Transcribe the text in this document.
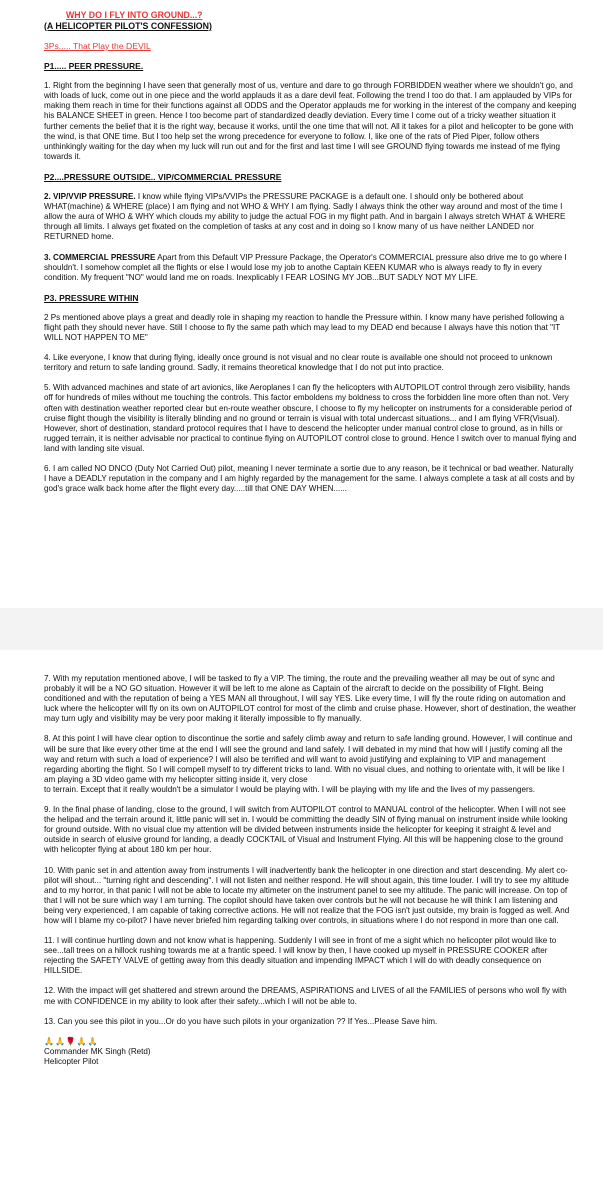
WHY DO I FLY INTO GROUND...?
(A HELICOPTER PILOT'S CONFESSION)
3Ps..... That Play the DEVIL
P1..... PEER PRESSURE.

1. Right from the beginning I have seen that generally most of us, venture and dare to go through FORBIDDEN weather where we shouldn't go, and with loads of luck, come out in one piece and the world applauds it as a dare devil feat. Following the trend I too do that. I am applauded by VIPs for making them reach in time for their functions against all ODDS and the Operator applauds me for working in the interest of the company and keeping his BALANCE SHEET in green. Hence I too become part of standardized deadly deviation. Every time I come out of a tricky weather situation it further cements the belief that it is the right way, because it works, until the one time that will not. All it takes for a pilot and helicopter to be gone with the wind, is that ONE time. But I too help set the wrong precedence for everyone to follow. I, like one of the rats of Pied Piper, follow others unthinkingly waiting for the day when my luck will run out and for the first and last time I will see GROUND flying towards me instead of me flying towards it.

P2....PRESSURE OUTSIDE.. VIP/COMMERCIAL PRESSURE

2. VIP/VVIP PRESSURE. I know while flying VIPs/VVIPs the PRESSURE PACKAGE is a default one. I should only be bothered about WHAT(machine) & WHERE (place) I am flying and not WHO & WHY I am flying. Sadly I always think the other way around and most of the time I allow the aura of WHO & WHY which clouds my ability to judge the actual FOG in my flight path. And in bargain I always stretch WHAT & WHERE through all limits. I always get fixated on the completion of tasks at any cost and in doing so I know many of us have neither LANDED nor RETURNED home.

3. COMMERCIAL PRESSURE Apart from this Default VIP Pressure Package, the Operator's COMMERCIAL pressure also drive me to go where I shouldn't. I somehow complet all the flights or else I would lose my job to anothe Captain KEEN KUMAR who is always ready to fly in every condition. My frequent "NO" would land me on roads. Inexplicably I FEAR LOSING MY JOB...BUT SADLY NOT MY LIFE.

P3. PRESSURE WITHIN

2 Ps mentioned above plays a great and deadly role in shaping my reaction to handle the Pressure within. I know many have perished following a flight path they should never have. Still I choose to fly the same path which may lead to my DEAD end because I always have this notion that "IT WILL NOT HAPPEN TO ME"

4. Like everyone, I know that during flying, ideally once ground is not visual and no clear route is available one should not proceed to unknown territory and return to safe landing ground. Sadly, it remains theoretical knowledge that I do not put into practice.

5. With advanced machines and state of art avionics, like Aeroplanes I can fly the helicopters with AUTOPILOT control through zero visibility, hands off for hundreds of miles without me touching the controls. This factor emboldens my boldness to cross the forbidden line more often than not. Very often with destination weather reported clear but en-route weather obscure, I choose to fly my helicopter on instruments for a considerable period of cruise flight though the visibility is literally blinding and no ground or terrain is visual with total undercast situations... and I am flying VFR(Visual). However, short of destination, standard protocol requires that I have to descend the helicopter under manual control close to ground, as in hills or rugged terrain, it is neither advisable nor practical to continue flying on AUTOPILOT control close to ground. Hence I switch over to manual flying and land with landing site visual.

6. I am called NO DNCO (Duty Not Carried Out) pilot, meaning I never terminate a sortie due to any reason, be it technical or bad weather. Naturally I have a DEADLY reputation in the company and I am highly regarded by the management for the same. I always complete a task at all costs and by god's grace walk back home after the flight every day.....till that ONE DAY WHEN......

7. With my reputation mentioned above, I will be tasked to fly a VIP. The timing, the route and the prevailing weather all may be out of sync and probably it will be a NO GO situation. However it will be left to me alone as Captain of the aircraft to decide on the possibility of Flight. Being conditioned and with the reputation of being a YES MAN all throughout, I will say YES. Like every time, I will fly the route riding on automation and luck where the helicopter will fly on its own on AUTOPILOT control for most of the climb and cruise phase. However, short of destination, the weather may turn ugly and visibility may be very poor making it literally impossible to fly manually.

8. At this point I will have clear option to discontinue the sortie and safely climb away and return to safe landing ground. However, I will continue and will be sure that like every other time at the end I will see the ground and land safely. I will debated in my mind that how will I justify coming all the way and return with such a load of experience? I will also be terrified and will want to avoid justifying and explaining to VIP and management regarding aborting the flight. So I will compell myself to try different tricks to land. With no visual clues, and nothing to orientate with, it will be like I am playing a 3D video game with my helicopter sitting inside it, very close
to terrain. Except that it really wouldn't be a simulator I would be playing with. I will be playing with my life and the lives of my passengers.

9. In the final phase of landing, close to the ground, I will switch from AUTOPILOT control to MANUAL control of the helicopter. When I will not see the helipad and the terrain around it, little panic will set in. I would be committing the deadly SIN of flying manual on instrument inside while looking for ground outside. With no visual clue my attention will be divided between instruments inside the helicopter for keeping it straight & level and outside in search of elusive ground for landing, a deadly COCKTAIL of Visual and Instrument Flying. All this will be happening close to the ground with helicopter flying at about 180 km per hour.

10. With panic set in and attention away from instruments I will inadvertently bank the helicopter in one direction and start descending. My alert co-pilot will shout... "turning right and descending". I will not listen and neither respond. He will shout again, this time louder. I will try to see my altitude and to my horror, in that panic I will not be able to locate my altimeter on the instrument panel to see my altitude. The panic will increase. On top of that I will not be sure which way I am turning. The copilot should have taken over controls but he will not because he will think I am listening and being very experienced, I am capable of taking corrective actions. He will not realize that the FOG isn't just outside, my brain is fogged as well. And how will I blame my co-pilot? I have never briefed him regarding talking over controls, in situations where I do not respond in more than one call.

11. I will continue hurtling down and not know what is happening. Suddenly I will see in front of me a sight which no helicopter pilot would like to see...tall trees on a hillock rushing towards me at a frantic speed. I will know by then, I have cooked up myself in PRESSURE COOKER after rejecting the SAFETY VALVE of getting away from this deadly situation and impending IMPACT which I will do with deadly consequence on HILLSIDE.

12. With the impact will get shattered and strewn around the DREAMS, ASPIRATIONS and LIVES of all the FAMILIES of persons who woll fly with me with CONFIDENCE in my ability to look after their safety...which I will not be able to.

13. Can you see this pilot in you...Or do you have such pilots in your organization ?? If Yes...Please Save him.

🙏🙏🌹🙏🙏

Commander MK Singh (Retd)

Helicopter Pilot
